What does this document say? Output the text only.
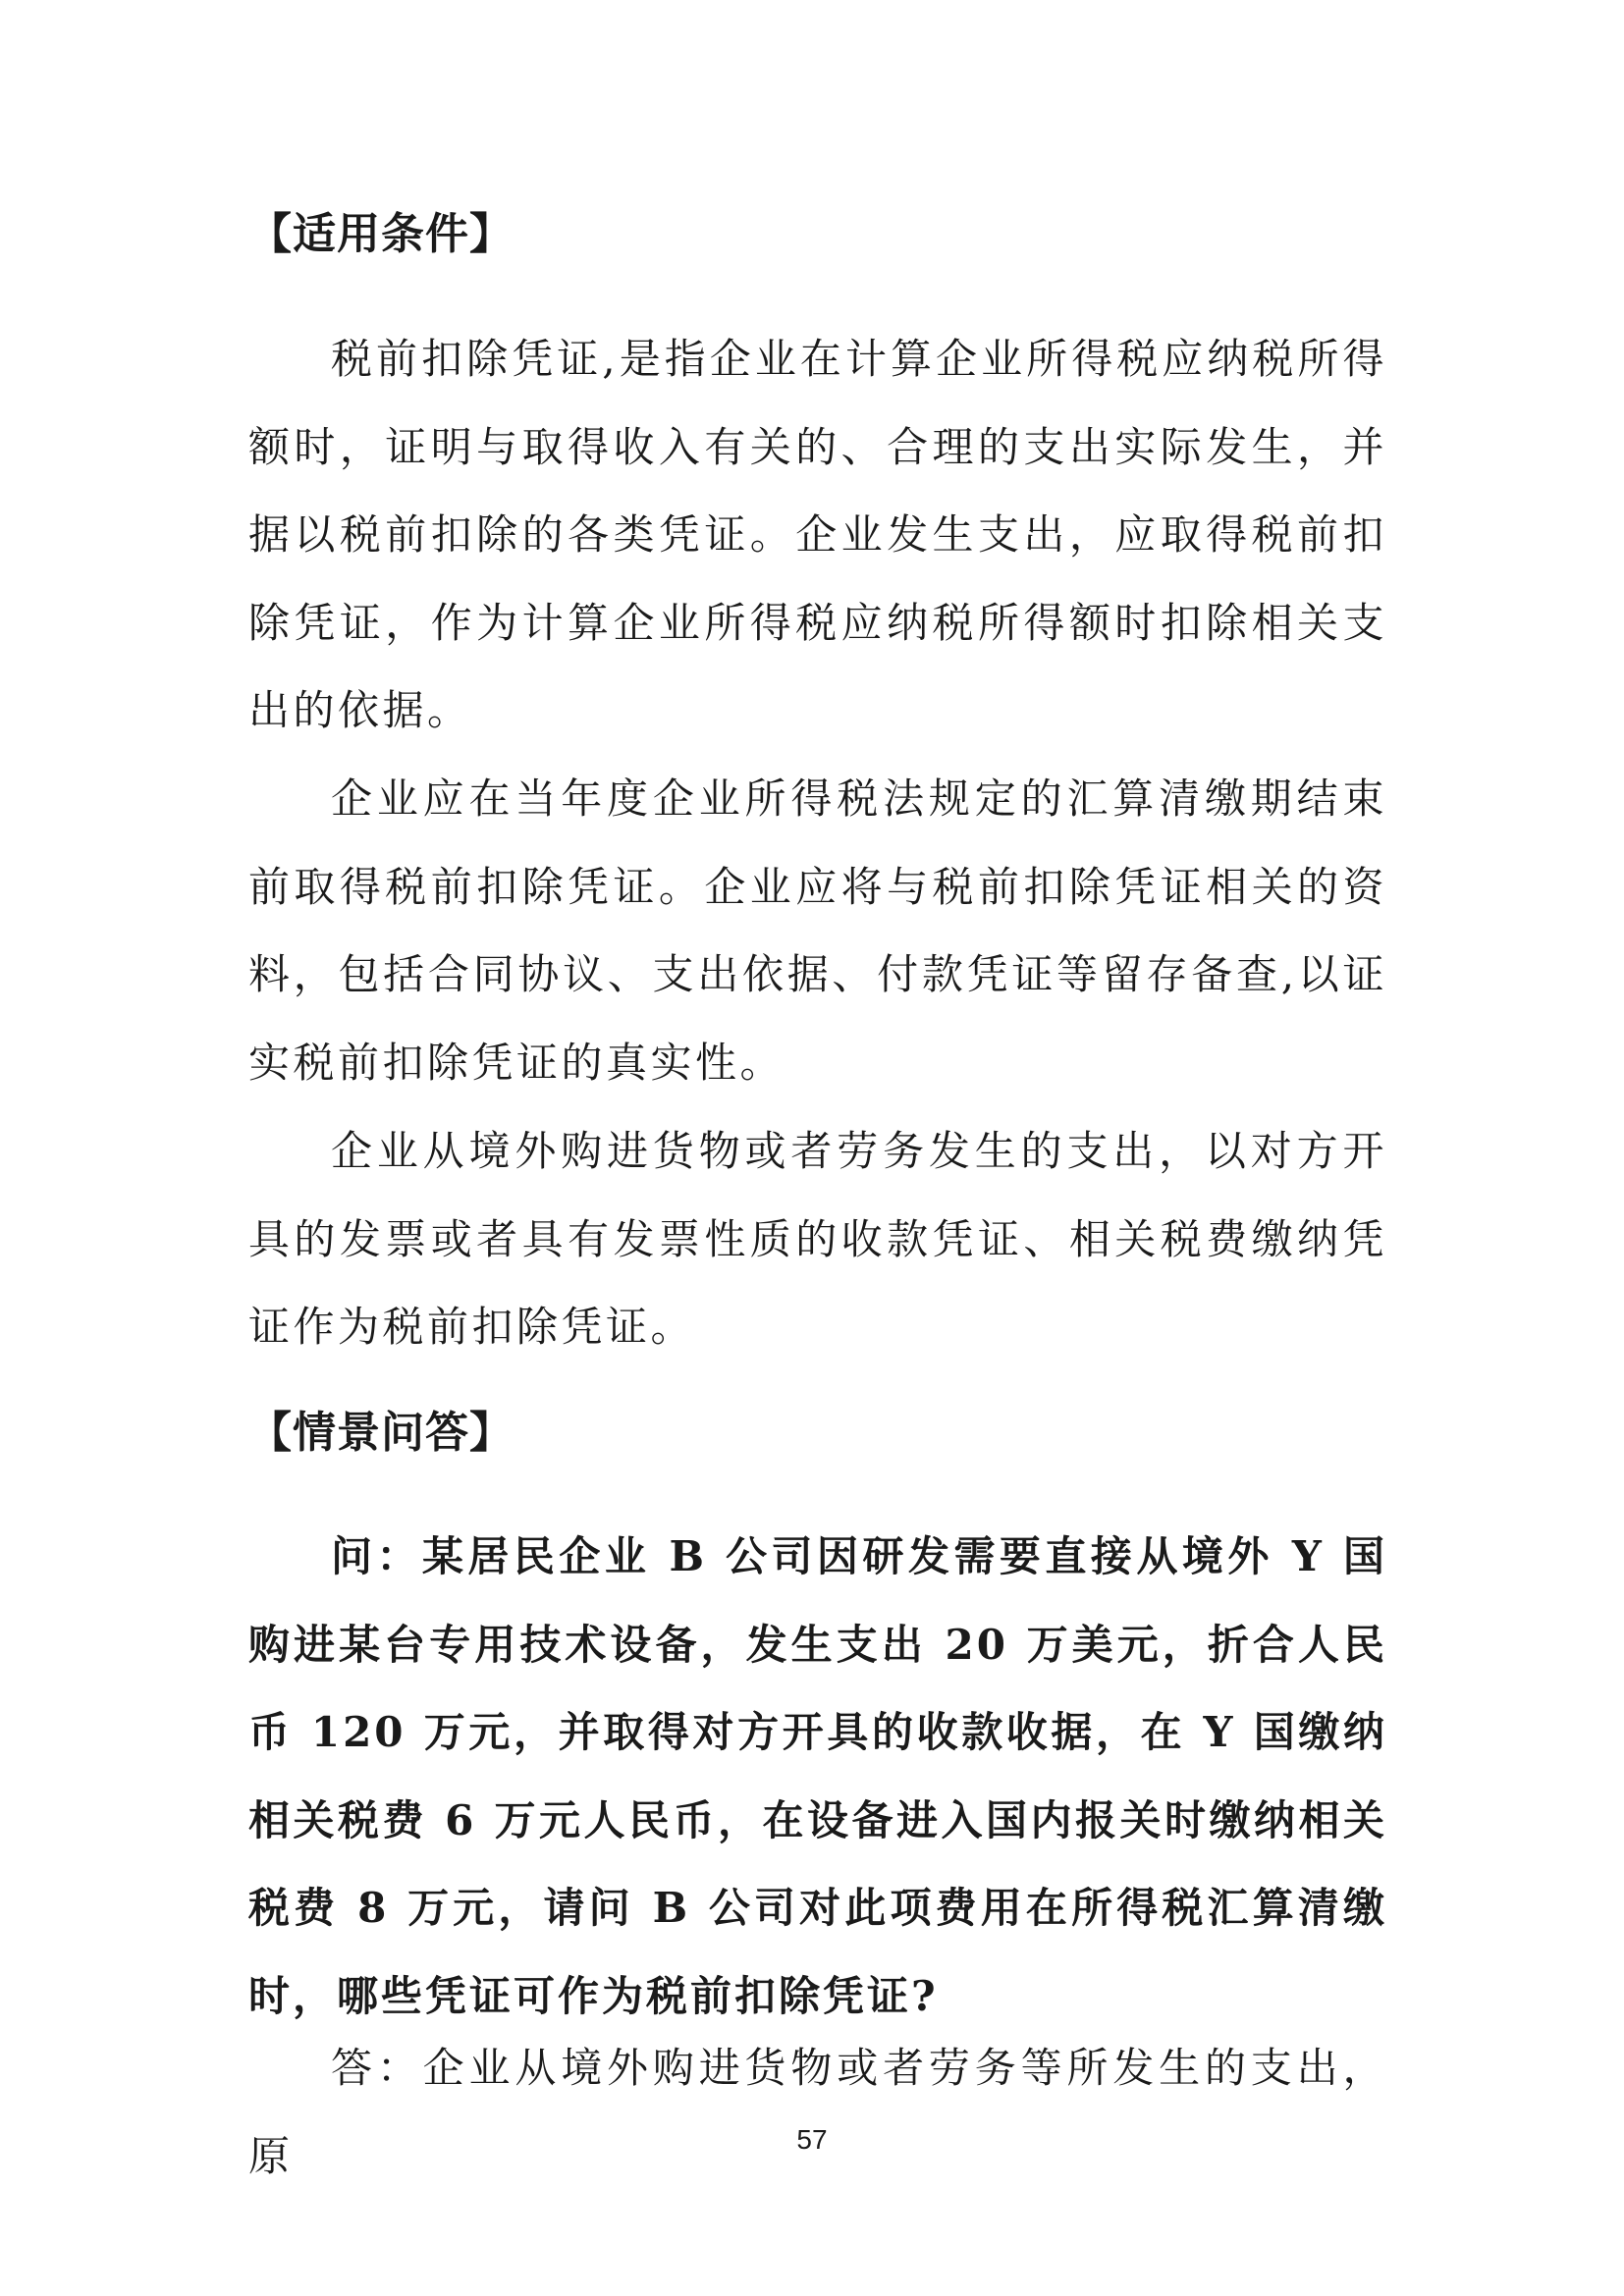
【适用条件】

税前扣除凭证,是指企业在计算企业所得税应纳税所得额时，证明与取得收入有关的、合理的支出实际发生，并据以税前扣除的各类凭证。企业发生支出，应取得税前扣除凭证，作为计算企业所得税应纳税所得额时扣除相关支出的依据。

企业应在当年度企业所得税法规定的汇算清缴期结束前取得税前扣除凭证。企业应将与税前扣除凭证相关的资料，包括合同协议、支出依据、付款凭证等留存备查,以证实税前扣除凭证的真实性。

企业从境外购进货物或者劳务发生的支出，以对方开具的发票或者具有发票性质的收款凭证、相关税费缴纳凭证作为税前扣除凭证。

【情景问答】

问：某居民企业 B 公司因研发需要直接从境外 Y 国购进某台专用技术设备，发生支出 20 万美元，折合人民币 120 万元，并取得对方开具的收款收据，在 Y 国缴纳相关税费 6 万元人民币，在设备进入国内报关时缴纳相关税费 8 万元，请问 B 公司对此项费用在所得税汇算清缴时，哪些凭证可作为税前扣除凭证?

答：企业从境外购进货物或者劳务等所发生的支出，原	57
